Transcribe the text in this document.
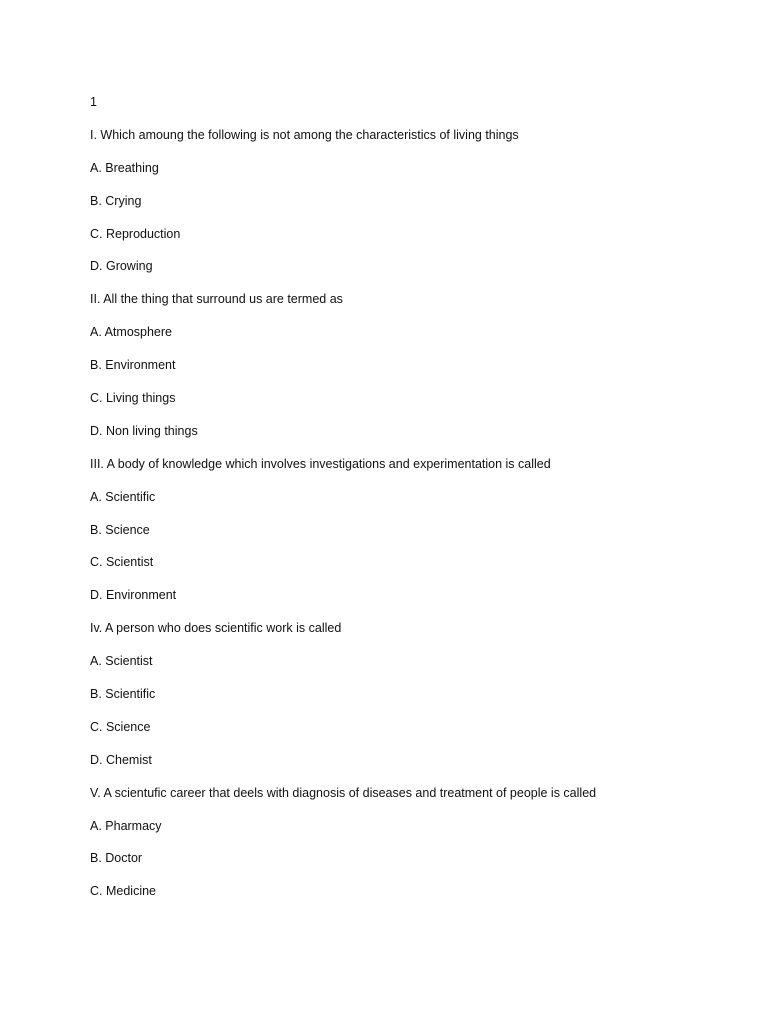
1
I. Which amoung the following is not among the characteristics of living things
A. Breathing
B. Crying
C. Reproduction
D. Growing
II. All the thing that surround us are termed as
A. Atmosphere
B. Environment
C. Living things
D. Non living things
III. A body of knowledge which involves investigations and experimentation is called
A. Scientific
B. Science
C. Scientist
D. Environment
Iv. A person who does scientific work is called
A. Scientist
B. Scientific
C. Science
D. Chemist
V. A scientufic career that deels with diagnosis of diseases and treatment of people is called
A. Pharmacy
B. Doctor
C. Medicine
